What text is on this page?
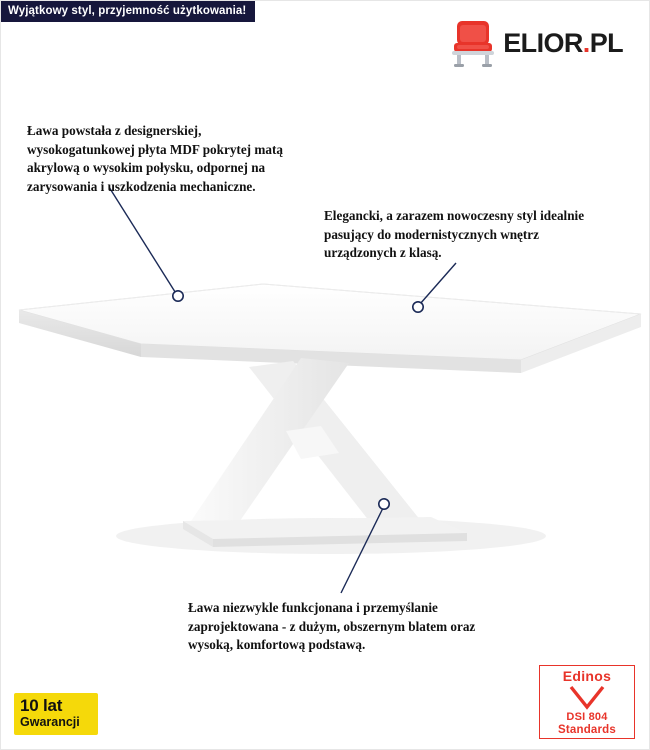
Wyjątkowy styl, przyjemność użytkowania!
ELIOR.PL
Ława powstała z designerskiej, wysokogatunkowej płyta MDF pokrytej matą akrylową o wysokim połysku, odpornej na zarysowania i uszkodzenia mechaniczne.
Elegancki, a zarazem nowoczesny styl idealnie pasujący do modernistycznych wnętrz urządzonych z klasą.
Ława niezwykle funkcjonana i przemyślanie zaprojektowana - z dużym, obszernym blatem oraz wysoką, komfortową podstawą.
10 lat
Gwarancji
Edinos
DSI 804
Standards
